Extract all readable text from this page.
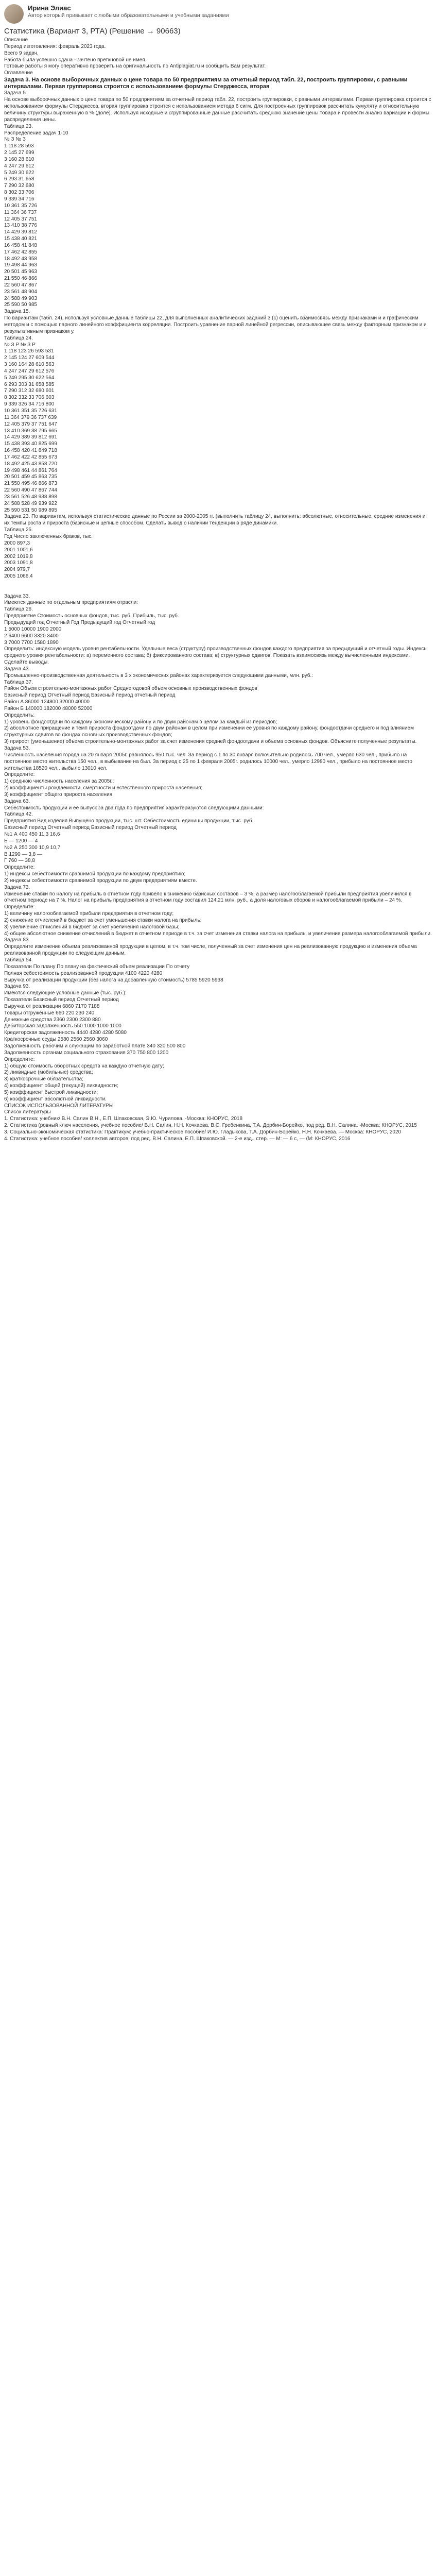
Ирина Элиас
Автор который привыкает с любыми образовательными и учебными заданиями
Статистика (Вариант 3, РТА) (Решение → 90663)
Описание
Период изготовления: февраль 2023 года.
Всего 9 задач.
Работа была успешно сдана - зачтено преткновой не имея.
Готовые работы я могу оперативно проверить на оригинальность по Antiplagiat.ru и сообщить Вам результат.
Оглавление
Задача 3. На основе выборочных данных о цене товара по 50 предприятиям за отчетный период табл. 22, построить группировки, с равными интервалами. Первая группировка строится с использованием формулы Стерджесса, вторая
Задача 5
На основе выборочных данных о цене товара по 50 предприятиям за отчетный период табл. 22, построить группировки, с равными интервалами. Первая группировка строится с использованием формулы Стерджесса, вторая группировка строится с использованием метода 6 сигм. Для построенных группировок рассчитать кумуляту и относительную величину структуры выраженную в % (доле). Используя исходные и сгруппированные данные рассчитать среднюю значение цены товара и провести анализ вариации и формы распределения цены.
Таблица 23.
Распределение задач 1-10
№ З № З
1 118 28 593
2 145 27 699
3 160 28 610
4 247 29 612
5 249 30 622
6 293 31 658
7 290 32 680
8 302 33 706
9 339 34 716
10 361 35 726
11 364 36 737
12 405 37 751
13 410 38 776
14 429 39 812
15 438 40 821
16 458 41 848
17 462 42 855
18 492 43 958
19 498 44 963
20 501 45 963
21 550 46 866
22 560 47 867
23 561 48 904
24 588 49 903
25 590 50 985
Задача 15.
По вариантам (табл. 24), используя условные данные таблицы 22, для выполненных аналитических заданий 3 (с) оценить взаимосвязь между признаками и и графическим методом и с помощью парного линейного коэффициента корреляции. Построить уравнение парной линейной регрессии, описывающее связь между факторным признаком и и результативным признаком у.
Таблица 24.
№ З Р № З Р
1 118 123 26 593 531
2 145 124 27 609 544
3 160 164 28 610 563
4 247 247 29 612 576
5 249 295 30 622 564
6 293 303 31 658 585
7 290 312 32 680 601
8 302 332 33 706 603
9 339 326 34 716 800
10 361 351 35 726 631
11 364 379 36 737 639
12 405 379 37 751 647
13 410 369 38 795 665
14 429 389 39 812 691
15 438 393 40 825 699
16 458 420 41 849 718
17 462 422 42 855 673
18 492 425 43 858 720
19 498 461 44 861 764
20 501 459 45 863 735
21 550 495 46 866 873
22 560 490 47 867 744
23 561 526 48 938 898
24 588 528 49 939 922
25 590 531 50 989 895
Задача 23. По вариантам, используя статистические данные по России за 2000-2005 гг. (выполнить таблицу 24, выполнить: абсолютные, относительные, средние изменения и их темпы роста и прироста (базисные и цепные способом. Сделать вывод о наличии тенденции в ряде динамики.
Таблица 25.
Год Число заключенных браков, тыс.
2000 897,3
2001 1001,6
2002 1019,8
2003 1091,8
2004 979,7
2005 1066,4

Задача 33.
Имеются данные по отдельным предприятиям отрасли:
Таблица 26.
Предприятие Стоимость основных фондов, тыс. руб. Прибыль, тыс. руб.
Предыдущий год Отчетный Год Предыдущий год Отчетный год
1 5000 10000 1900 2000
2 6400 6600 3320 3400
3 7000 7700 1580 1890
Определить: индексную модель уровня рентабельности. Удельные веса (структуру) производственных фондов каждого предприятия за предыдущий и отчетный годы. Индексы среднего уровня рентабельности: а) переменного состава; б) фиксированного состава; в) структурных сдвигов. Показать взаимосвязь между вычисленными индексами. Сделайте выводы.
Задача 43.
Промышленно-производственная деятельность в 3 х экономических районах характеризуется следующими данными, млн. руб.:
Таблица 37.
Район Объем строительно-монтажных работ Среднегодовой объем основных производственных фондов
Базисный период Отчетный период Базисный период отчетный период
Район А 86000 124800 32000 40000
Район Б 140000 182000 48000 52000
Определить:
1) уровень фондоотдачи по каждому экономическому району и по двум районам в целом за каждый из периодов;
2) абсолютное приращение и темп прироста фондоотдачи по двум районам в целом при изменении ее уровня по каждому району, фондоотдачи среднего и под влиянием структурных сдвигов во фондах основных производственных фондов;
3) прирост (уменьшение) объема строительно-монтажных работ за счет изменения средней фондоотдачи и объема основных фондов. Объясните полученные результаты.
Задача 53.
Численность населения города на 20 января 2005г. равнялось 950 тыс. чел. За период с 1 по 30 января включительно родилось 700 чел., умерло 630 чел., прибыло на постоянное место жительства 150 чел., в выбывание на был. За период с 25 по 1 февраля 2005г. родилось 10000 чел., умерло 12980 чел., прибыло на постоянное место жительства 18520 чел., выбыло 13010 чел.
Определите:
1) среднюю численность населения за 2005г.;
2) коэффициенты рождаемости, смертности и естественного прироста населения;
3) коэффициент общего прироста населения.
Задача 63.
Себестоимость продукции и ее выпуск за два года по предприятия характеризуются следующими данными:
Таблица 42.
Предприятия Вид изделия Выпущено продукции, тыс. шт. Себестоимость единицы продукции, тыс. руб.
Базисный период Отчетный период Базисный период Отчетный период
№1 А 400 450 11,3 16,6
Б — 1200 — 4
№2 А 250 300 10,9 10,7
В 1290 — 3,8 —
Г 760 — 38,8
Определите:
1) индексы себестоимости сравнимой продукции по каждому предприятию;
2) индексы себестоимости сравнимой продукции по двум предприятиям вместе.
Задача 73.
Изменение ставки по налогу на прибыль в отчетном году привело к снижению базисных составов – 3 %, а размер налогооблагаемой прибыли предприятия увеличился в отчетном периоде на 7 %. Налог на прибыль предприятия в отчетном году составил 124,21 млн. руб., а доля налоговых сборов и налогооблагаемой прибыли – 24 %.
Определите:
1) величину налогооблагаемой прибыли предприятия в отчетном году;
2) снижение отчислений в бюджет за счет уменьшения ставки налога на прибыль;
3) увеличение отчислений в бюджет за счет увеличения налоговой базы;
4) общее абсолютное снижение отчислений в бюджет в отчетном периоде в т.ч. за счет изменения ставки налога на прибыль, и увеличения размера налогооблагаемой прибыли.
Задача 83.
Определите изменение объема реализованной продукции в целом, в т.ч. том числе, полученный за счет изменения цен на реализованную продукцию и изменения объема реализованной продукции по следующим данным.
Таблица 54.
Показатели По плану По плану на фактический объем реализации По отчету
Полная себестоимость реализованной продукции 4100 4220 4280
Выручка от реализации продукции (без налога на добавленную стоимость) 5785 5920 5938
Задача 93.
Имеются следующие условные данные (тыс. руб.):
Показатели Базисный период Отчетный период
Выручка от реализации 6860 7170 7188
Товары отгруженные 660 220 230 240
Денежные средства 2360 2300 2300 880
Дебиторская задолженность 550 1000 1000 1000
Кредиторская задолженность 4440 4280 4280 5080
Краткосрочные ссуды 2580 2560 2560 3060
Задолженность рабочим и служащим по заработной плате 340 320 500 800
Задолженность органам социального страхования 370 750 800 1200
Определите:
1) общую стоимость оборотных средств на каждую отчетную дату;
2) ликвидные (мобильные) средства;
3) краткосрочные обязательства;
4) коэффициент общей (текущей) ликвидности;
5) коэффициент быстрой ликвидности;
6) коэффициент абсолютной ликвидности.
СПИСОК ИСПОЛЬЗОВАННОЙ ЛИТЕРАТУРЫ
Список литературы
1. Статистика: учебник/ В.Н. Салин В.Н., Е.П. Шпаковская, Э.Ю. Чурилова. -Москва: КНОРУС, 2018
2. Статистика (ровный ключ населения, учебное пособие/ В.Н. Салин, Н.Н. Кочкаева, В.С. Гребенкина, Т.А. Дорбин-Борейко, под ред. В.Н. Салина. -Москва: КНОРУС, 2015
3. Социально-экономическая статистика: Практикум: учебно-практическое пособие/ И.Ю. Гладыкова, Т.А. Дорбин-Борейко, Н.Н. Кочкаева. — Москва: КНОРУС, 2020
4. Статистика: учебное пособие/ коллектив авторов; под ред. В.Н. Салина, Е.П. Шпаковской. — 2-е изд., стер. — М: — 6 с, — (М: КНОРУС, 2016
